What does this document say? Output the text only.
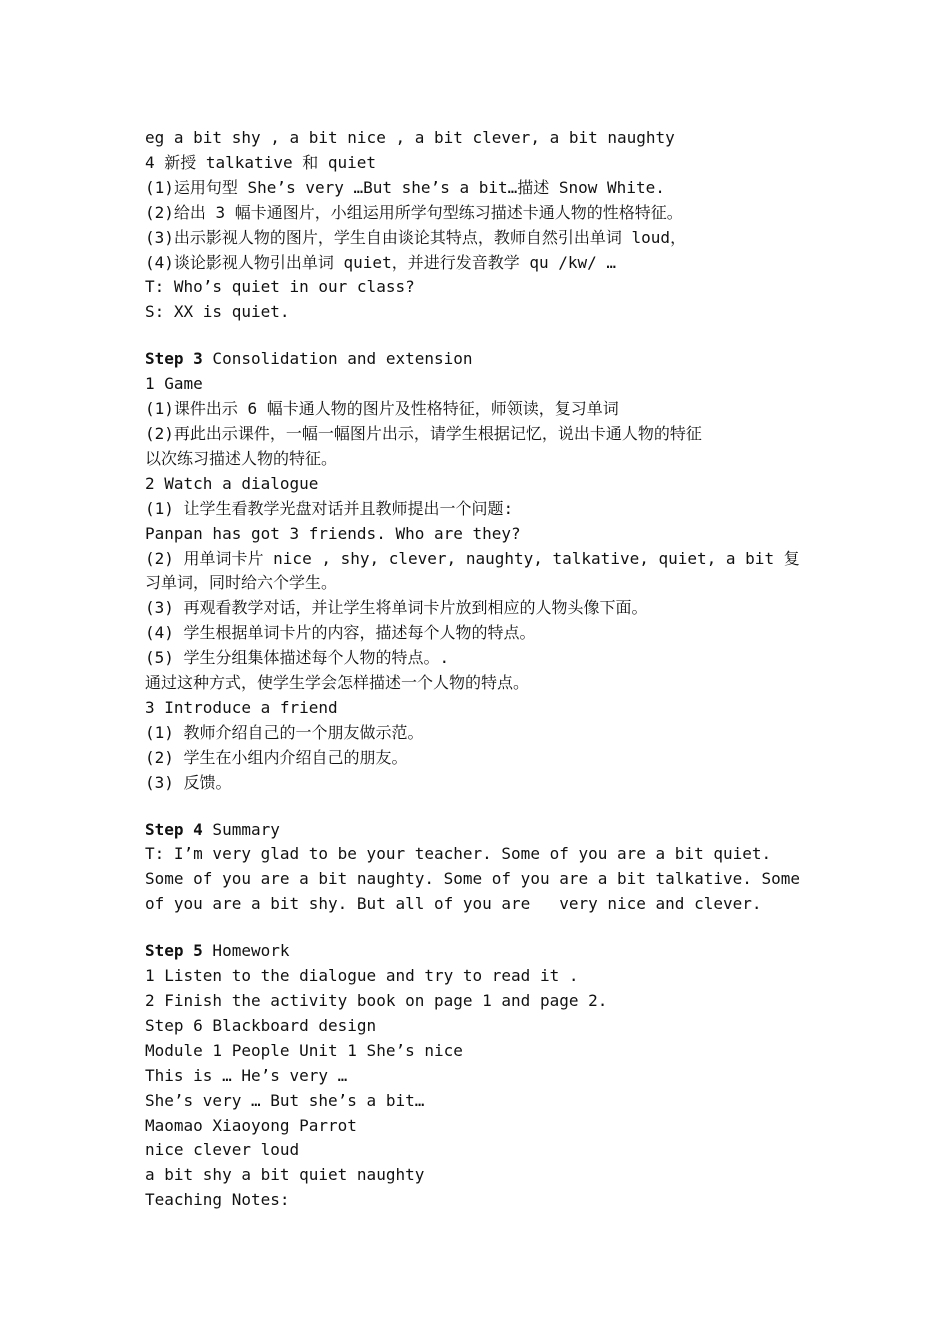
eg a bit shy , a bit nice , a bit clever, a bit naughty
4 新授 talkative 和 quiet
(1)运用句型 She’s very …But she’s a bit…描述 Snow White.
(2)给出 3 幅卡通图片，小组运用所学句型练习描述卡通人物的性格特征。
(3)出示影视人物的图片，学生自由谈论其特点，教师自然引出单词 loud，
(4)谈论影视人物引出单词 quiet，并进行发音教学 qu /kw/ …
T: Who’s quiet in our class?
S: XX is quiet.
Step 3 Consolidation and extension
1 Game
(1)课件出示 6 幅卡通人物的图片及性格特征，师领读，复习单词
(2)再此出示课件，一幅一幅图片出示，请学生根据记忆，说出卡通人物的特征
以次练习描述人物的特征。
2 Watch a dialogue
(1) 让学生看教学光盘对话并且教师提出一个问题:
Panpan has got 3 friends. Who are they?
(2) 用单词卡片 nice , shy, clever, naughty, talkative, quiet, a bit 复
习单词，同时给六个学生。
(3) 再观看教学对话，并让学生将单词卡片放到相应的人物头像下面。
(4) 学生根据单词卡片的内容，描述每个人物的特点。
(5) 学生分组集体描述每个人物的特点。.
通过这种方式，使学生学会怎样描述一个人物的特点。
3 Introduce a friend
(1) 教师介绍自己的一个朋友做示范。
(2) 学生在小组内介绍自己的朋友。
(3) 反馈。
Step 4 Summary
T: I’m very glad to be your teacher. Some of you are a bit quiet.
Some of you are a bit naughty. Some of you are a bit talkative. Some
of you are a bit shy. But all of you are   very nice and clever.
Step 5 Homework
1 Listen to the dialogue and try to read it .
2 Finish the activity book on page 1 and page 2.
Step 6 Blackboard design
Module 1 People Unit 1 She’s nice
This is … He’s very …
She’s very … But she’s a bit…
Maomao Xiaoyong Parrot
nice clever loud
a bit shy a bit quiet naughty
Teaching Notes:
